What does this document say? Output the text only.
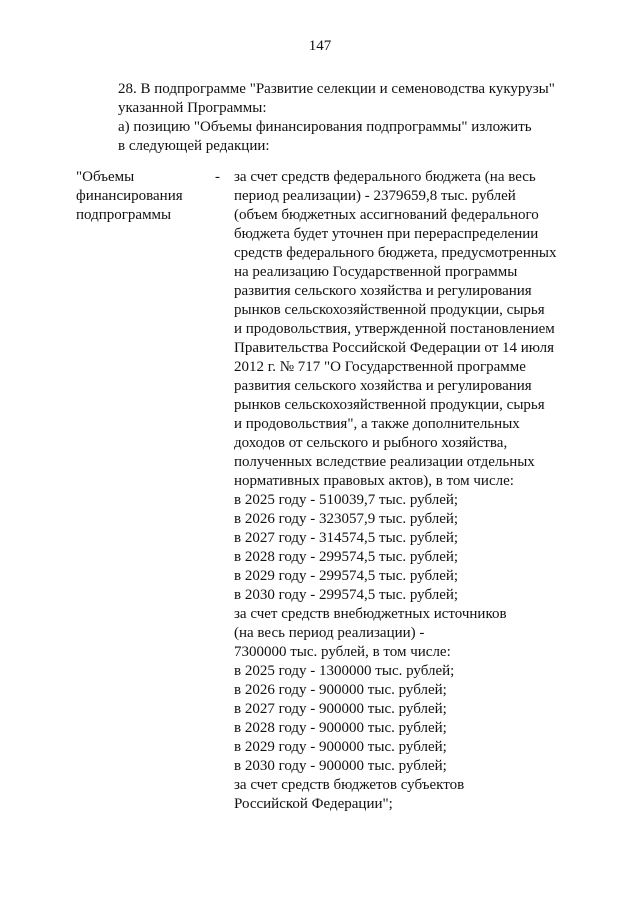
147
28. В подпрограмме "Развитие селекции и семеноводства кукурузы"
указанной Программы:
а) позицию "Объемы финансирования подпрограммы" изложить
в следующей редакции:
"Объемы
финансирования
подпрограммы
- за счет средств федерального бюджета (на весь
период реализации) - 2379659,8 тыс. рублей
(объем бюджетных ассигнований федерального
бюджета будет уточнен при перераспределении
средств федерального бюджета, предусмотренных
на реализацию Государственной программы
развития сельского хозяйства и регулирования
рынков сельскохозяйственной продукции, сырья
и продовольствия, утвержденной постановлением
Правительства Российской Федерации от 14 июля
2012 г. № 717 "О Государственной программе
развития сельского хозяйства и регулирования
рынков сельскохозяйственной продукции, сырья
и продовольствия", а также дополнительных
доходов от сельского и рыбного хозяйства,
полученных вследствие реализации отдельных
нормативных правовых актов), в том числе:
в 2025 году - 510039,7 тыс. рублей;
в 2026 году - 323057,9 тыс. рублей;
в 2027 году - 314574,5 тыс. рублей;
в 2028 году - 299574,5 тыс. рублей;
в 2029 году - 299574,5 тыс. рублей;
в 2030 году - 299574,5 тыс. рублей;
за счет средств внебюджетных источников
(на весь период реализации) -
7300000 тыс. рублей, в том числе:
в 2025 году - 1300000 тыс. рублей;
в 2026 году - 900000 тыс. рублей;
в 2027 году - 900000 тыс. рублей;
в 2028 году - 900000 тыс. рублей;
в 2029 году - 900000 тыс. рублей;
в 2030 году - 900000 тыс. рублей;
за счет средств бюджетов субъектов
Российской Федерации";
